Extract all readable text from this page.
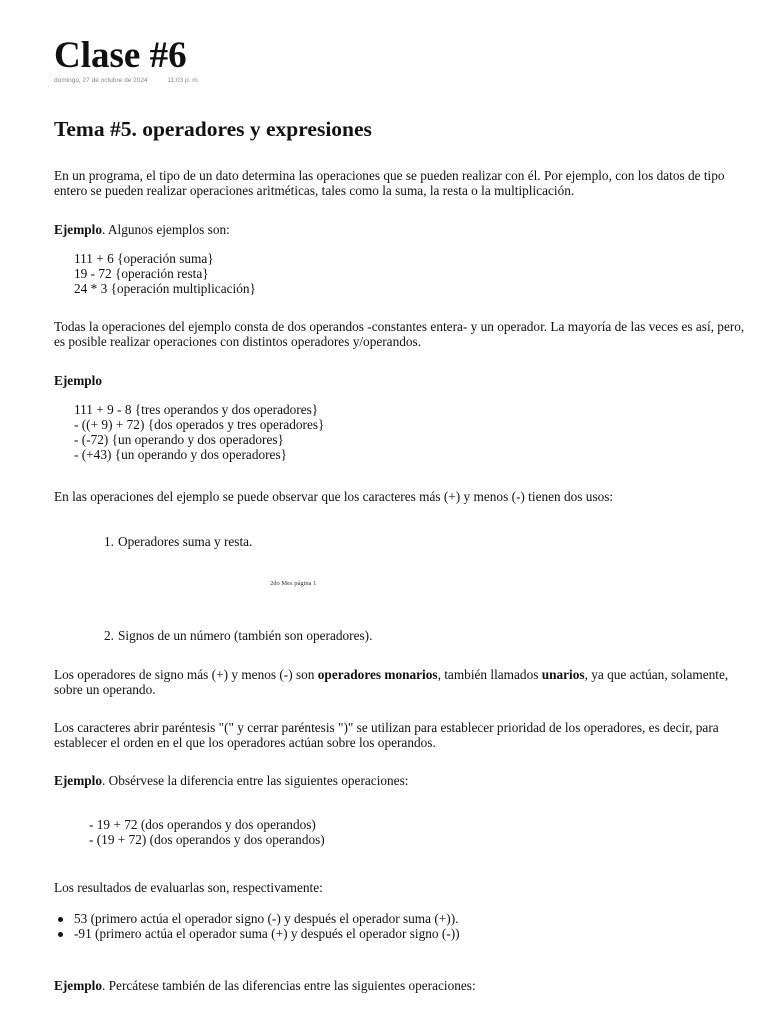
Clase #6
domingo, 27 de octubre de 2024	11:03 p. m.
Tema #5. operadores y expresiones

En un programa, el tipo de un dato determina las operaciones que se pueden realizar con él. Por ejemplo, con los datos de tipo entero se pueden realizar operaciones aritméticas, tales como la suma, la resta o la multiplicación.

Ejemplo. Algunos ejemplos son:

111 + 6 {operación suma}
19 - 72 {operación resta}
24 * 3 {operación multiplicación}

Todas la operaciones del ejemplo consta de dos operandos -constantes entera- y un operador. La mayoría de las veces es así, pero, es posible realizar operaciones con distintos operadores y/operandos.

Ejemplo

111 + 9 - 8 {tres operandos y dos operadores}
- ((+ 9) + 72) {dos operados y tres operadores}
- (-72) {un operando y dos operadores}
- (+43) {un operando y dos operadores}

En las operaciones del ejemplo se puede observar que los caracteres más (+) y menos (-) tienen dos usos:

1. Operadores suma y resta.
2do Mes página 1
2. Signos de un número (también son operadores).

Los operadores de signo más (+) y menos (-) son operadores monarios, también llamados unarios, ya que actúan, solamente, sobre un operando.

Los caracteres abrir paréntesis "(" y cerrar paréntesis ")" se utilizan para establecer prioridad de los operadores, es decir, para establecer el orden en el que los operadores actúan sobre los operandos.

Ejemplo. Obsérvese la diferencia entre las siguientes operaciones:

- 19 + 72 (dos operandos y dos operandos)
- (19 + 72) (dos operandos y dos operandos)

Los resultados de evaluarlas son, respectivamente:

53 (primero actúa el operador signo (-) y después el operador suma (+)).
-91 (primero actúa el operador suma (+) y después el operador signo (-))

Ejemplo. Percátese también de las diferencias entre las siguientes operaciones:
